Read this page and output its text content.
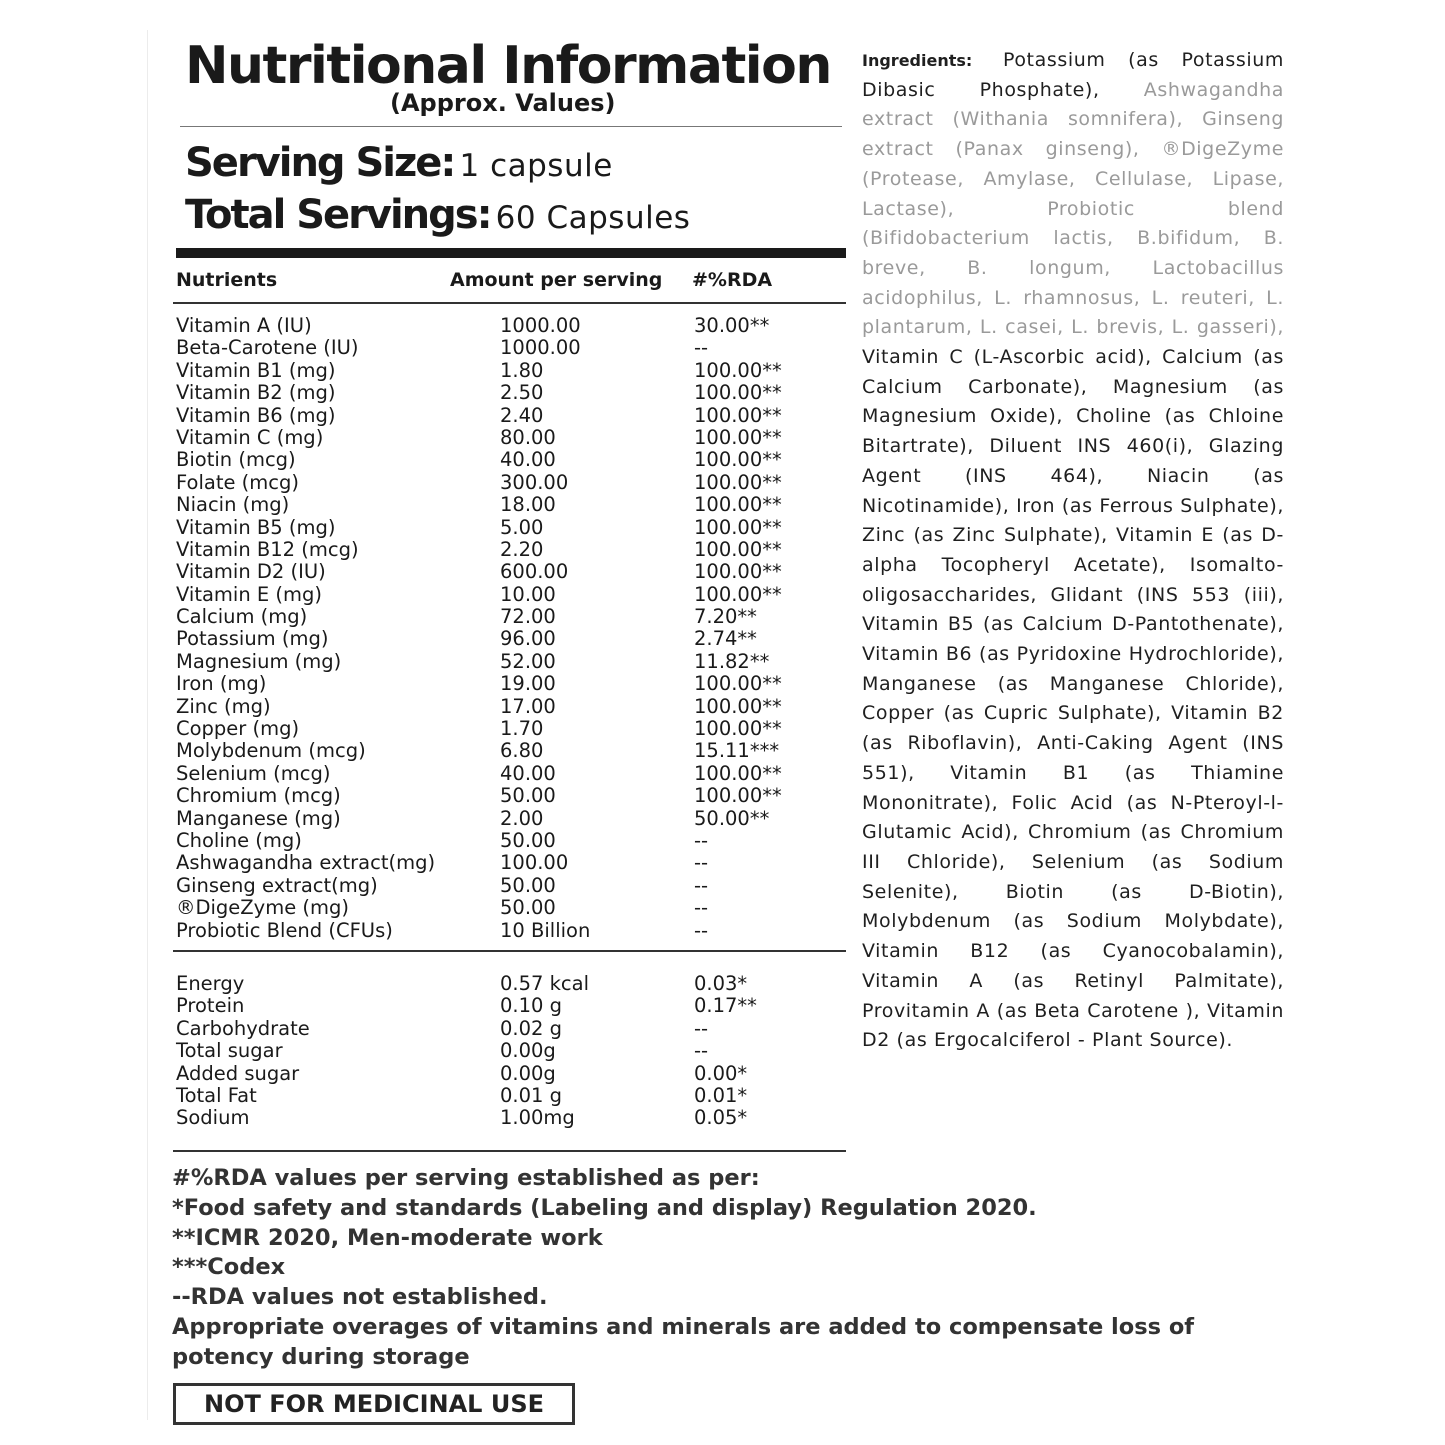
Nutritional Information
(Approx. Values)
Serving Size: 1 capsule
Total Servings: 60 Capsules
Nutrients	Amount per serving #%RDA
Vitamin A (IU)	1000.00	30.00**
Beta-Carotene (IU)	1000.00	--
Vitamin B1 (mg)	1.80	100.00**
Vitamin B2 (mg)	2.50	100.00**
Vitamin B6 (mg)	2.40	100.00**
Vitamin C (mg)	80.00	100.00**
Biotin (mcg)	40.00	100.00**
Folate (mcg)	300.00	100.00**
Niacin (mg)	18.00	100.00**
Vitamin B5 (mg)	5.00	100.00**
Vitamin B12 (mcg)	2.20	100.00**
Vitamin D2 (IU)	600.00	100.00**
Vitamin E (mg)	10.00	100.00**
Calcium (mg)	72.00	7.20**
Potassium (mg)	96.00	2.74**
Magnesium (mg)	52.00	11.82**
Iron (mg)	19.00	100.00**
Zinc (mg)	17.00	100.00**
Copper (mg)	1.70	100.00**
Molybdenum (mcg)	6.80	15.11***
Selenium (mcg)	40.00	100.00**
Chromium (mcg)	50.00	100.00**
Manganese (mg)	2.00	50.00**
Choline (mg)	50.00	--
Ashwagandha extract(mg)	100.00	--
Ginseng extract(mg)	50.00	--
®DigeZyme (mg)	50.00	--
Probiotic Blend (CFUs)	10 Billion	--
Energy	0.57 kcal	0.03*
Protein	0.10 g	0.17**
Carbohydrate	0.02 g	--
Total sugar	0.00g	--
Added sugar	0.00g	0.00*
Total Fat	0.01 g	0.01*
Sodium	1.00mg	0.05*
Ingredients: Potassium (as Potassium Dibasic Phosphate), Ashwagandha extract (Withania somnifera), Ginseng extract (Panax ginseng), ®DigeZyme (Protease, Amylase, Cellulase, Lipase, Lactase), Probiotic blend (Bifidobacterium lactis, B.bifidum, B. breve, B. longum, Lactobacillus acidophilus, L. rhamnosus, L. reuteri, L. plantarum, L. casei, L. brevis, L. gasseri), Vitamin C (L-Ascorbic acid), Calcium (as Calcium Carbonate), Magnesium (as Magnesium Oxide), Choline (as Chloine Bitartrate), Diluent INS 460(i), Glazing Agent (INS 464), Niacin (as Nicotinamide), Iron (as Ferrous Sulphate), Zinc (as Zinc Sulphate), Vitamin E (as D-alpha Tocopheryl Acetate), Isomalto-oligosaccharides, Glidant (INS 553 (iii), Vitamin B5 (as Calcium D-Pantothenate), Vitamin B6 (as Pyridoxine Hydrochloride), Manganese (as Manganese Chloride), Copper (as Cupric Sulphate), Vitamin B2 (as Riboflavin), Anti-Caking Agent (INS 551), Vitamin B1 (as Thiamine Mononitrate), Folic Acid (as N-Pteroyl-l-Glutamic Acid), Chromium (as Chromium III Chloride), Selenium (as Sodium Selenite), Biotin (as D-Biotin), Molybdenum (as Sodium Molybdate), Vitamin B12 (as Cyanocobalamin), Vitamin A (as Retinyl Palmitate), Provitamin A (as Beta Carotene ), Vitamin D2 (as Ergocalciferol - Plant Source).
#%RDA values per serving established as per:
*Food safety and standards (Labeling and display) Regulation 2020.
**ICMR 2020, Men-moderate work
***Codex
--RDA values not established.
Appropriate overages of vitamins and minerals are added to compensate loss of
potency during storage
NOT FOR MEDICINAL USE
